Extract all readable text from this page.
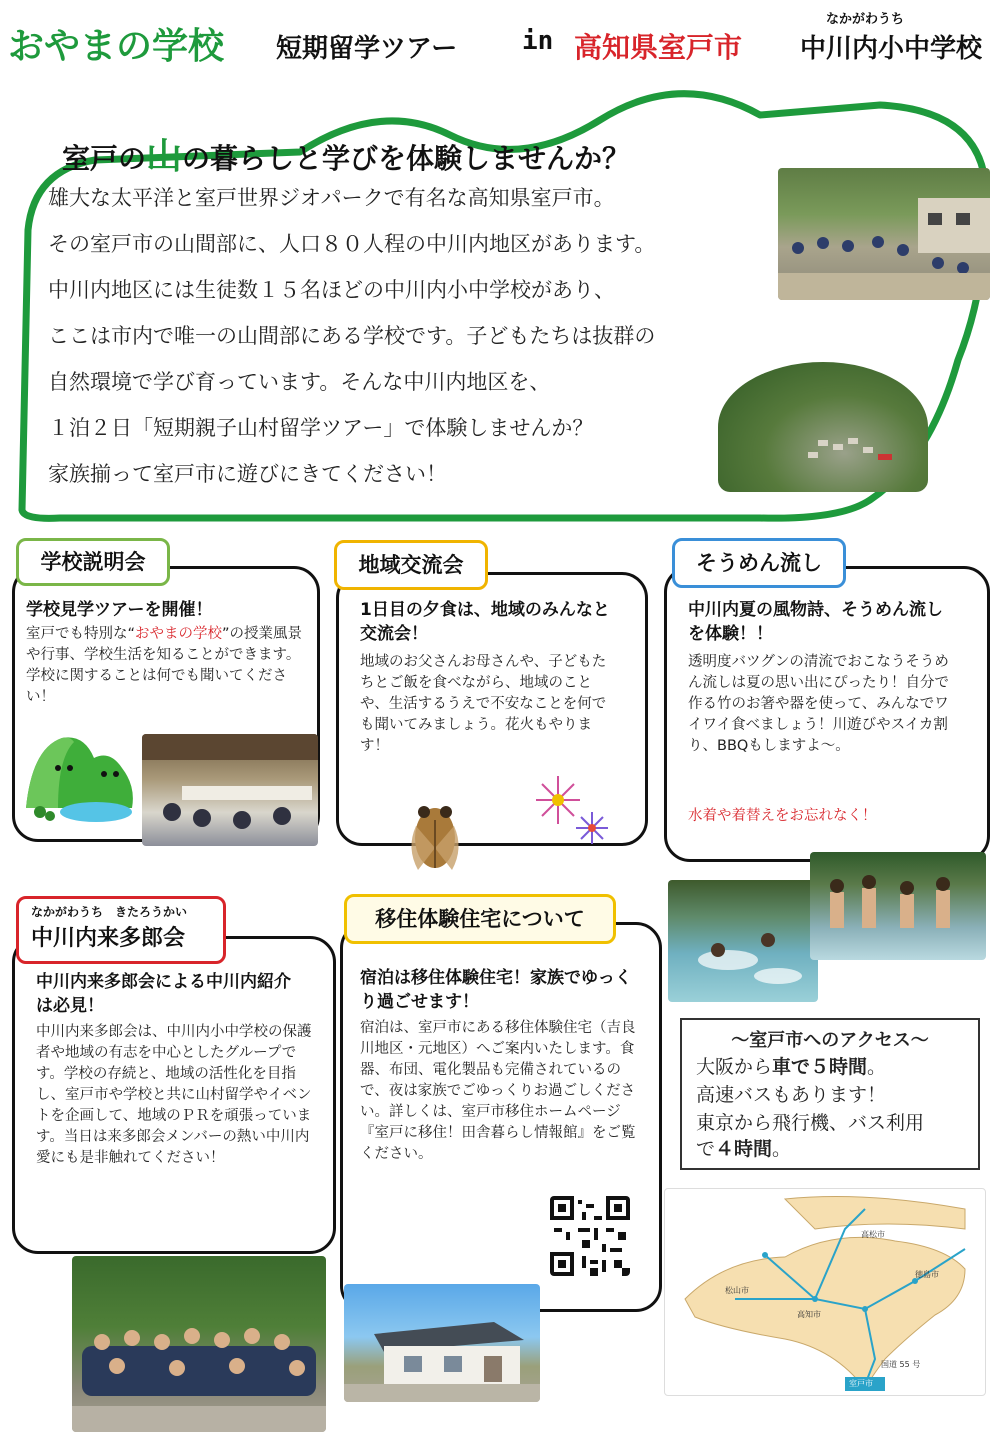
おやまの学校 短期留学ツアー in 高知県室戸市
なかがわうち
中川内小中学校
室戸の山の暮らしと学びを体験しませんか？
雄大な太平洋と室戸世界ジオパークで有名な高知県室戸市。
その室戸市の山間部に、人口８０人程の中川内地区があります。
中川内地区には生徒数１５名ほどの中川内小中学校があり、
ここは市内で唯一の山間部にある学校です。子どもたちは抜群の
自然環境で学び育っています。そんな中川内地区を、
１泊２日「短期親子山村留学ツアー」で体験しませんか？
家族揃って室戸市に遊びにきてください！
学校説明会
学校見学ツアーを開催！
室戸でも特別な“おやまの学校”の授業風景や行事、学校生活を知ることができます。学校に関することは何でも聞いてください！
地域交流会
1日目の夕食は、地域のみんなと交流会！
地域のお父さんお母さんや、子どもたちとご飯を食べながら、地域のことや、生活するうえで不安なことを何でも聞いてみましょう。花火もやります！
そうめん流し
中川内夏の風物詩、そうめん流しを体験！！
透明度バツグンの清流でおこなうそうめん流しは夏の思い出にぴったり！自分で作る竹のお箸や器を使って、みんなでワイワイ食べましょう！川遊びやスイカ割り、BBQもしますよ～。
水着や着替えをお忘れなく！
～室戸市へのアクセス～
大阪から車で５時間。
高速バスもあります！
東京から飛行機、バス利用
で４時間。
高松市
徳島市
松山市
高知市
室戸市
国道 55 号
なかがわうち　きたろうかい
中川内来多郎会
中川内来多郎会による中川内紹介は必見！
中川内来多郎会は、中川内小中学校の保護者や地域の有志を中心としたグループです。学校の存続と、地域の活性化を目指し、室戸市や学校と共に山村留学やイベントを企画して、地域のＰＲを頑張っています。当日は来多郎会メンバーの熱い中川内愛にも是非触れてください！
移住体験住宅について
宿泊は移住体験住宅！家族でゆっくり過ごせます！
宿泊は、室戸市にある移住体験住宅（吉良川地区・元地区）へご案内いたします。食器、布団、電化製品も完備されているので、夜は家族でごゆっくりお過ごしください。詳しくは、室戸市移住ホームページ『室戸に移住！田舎暮らし情報館』をご覧ください。
